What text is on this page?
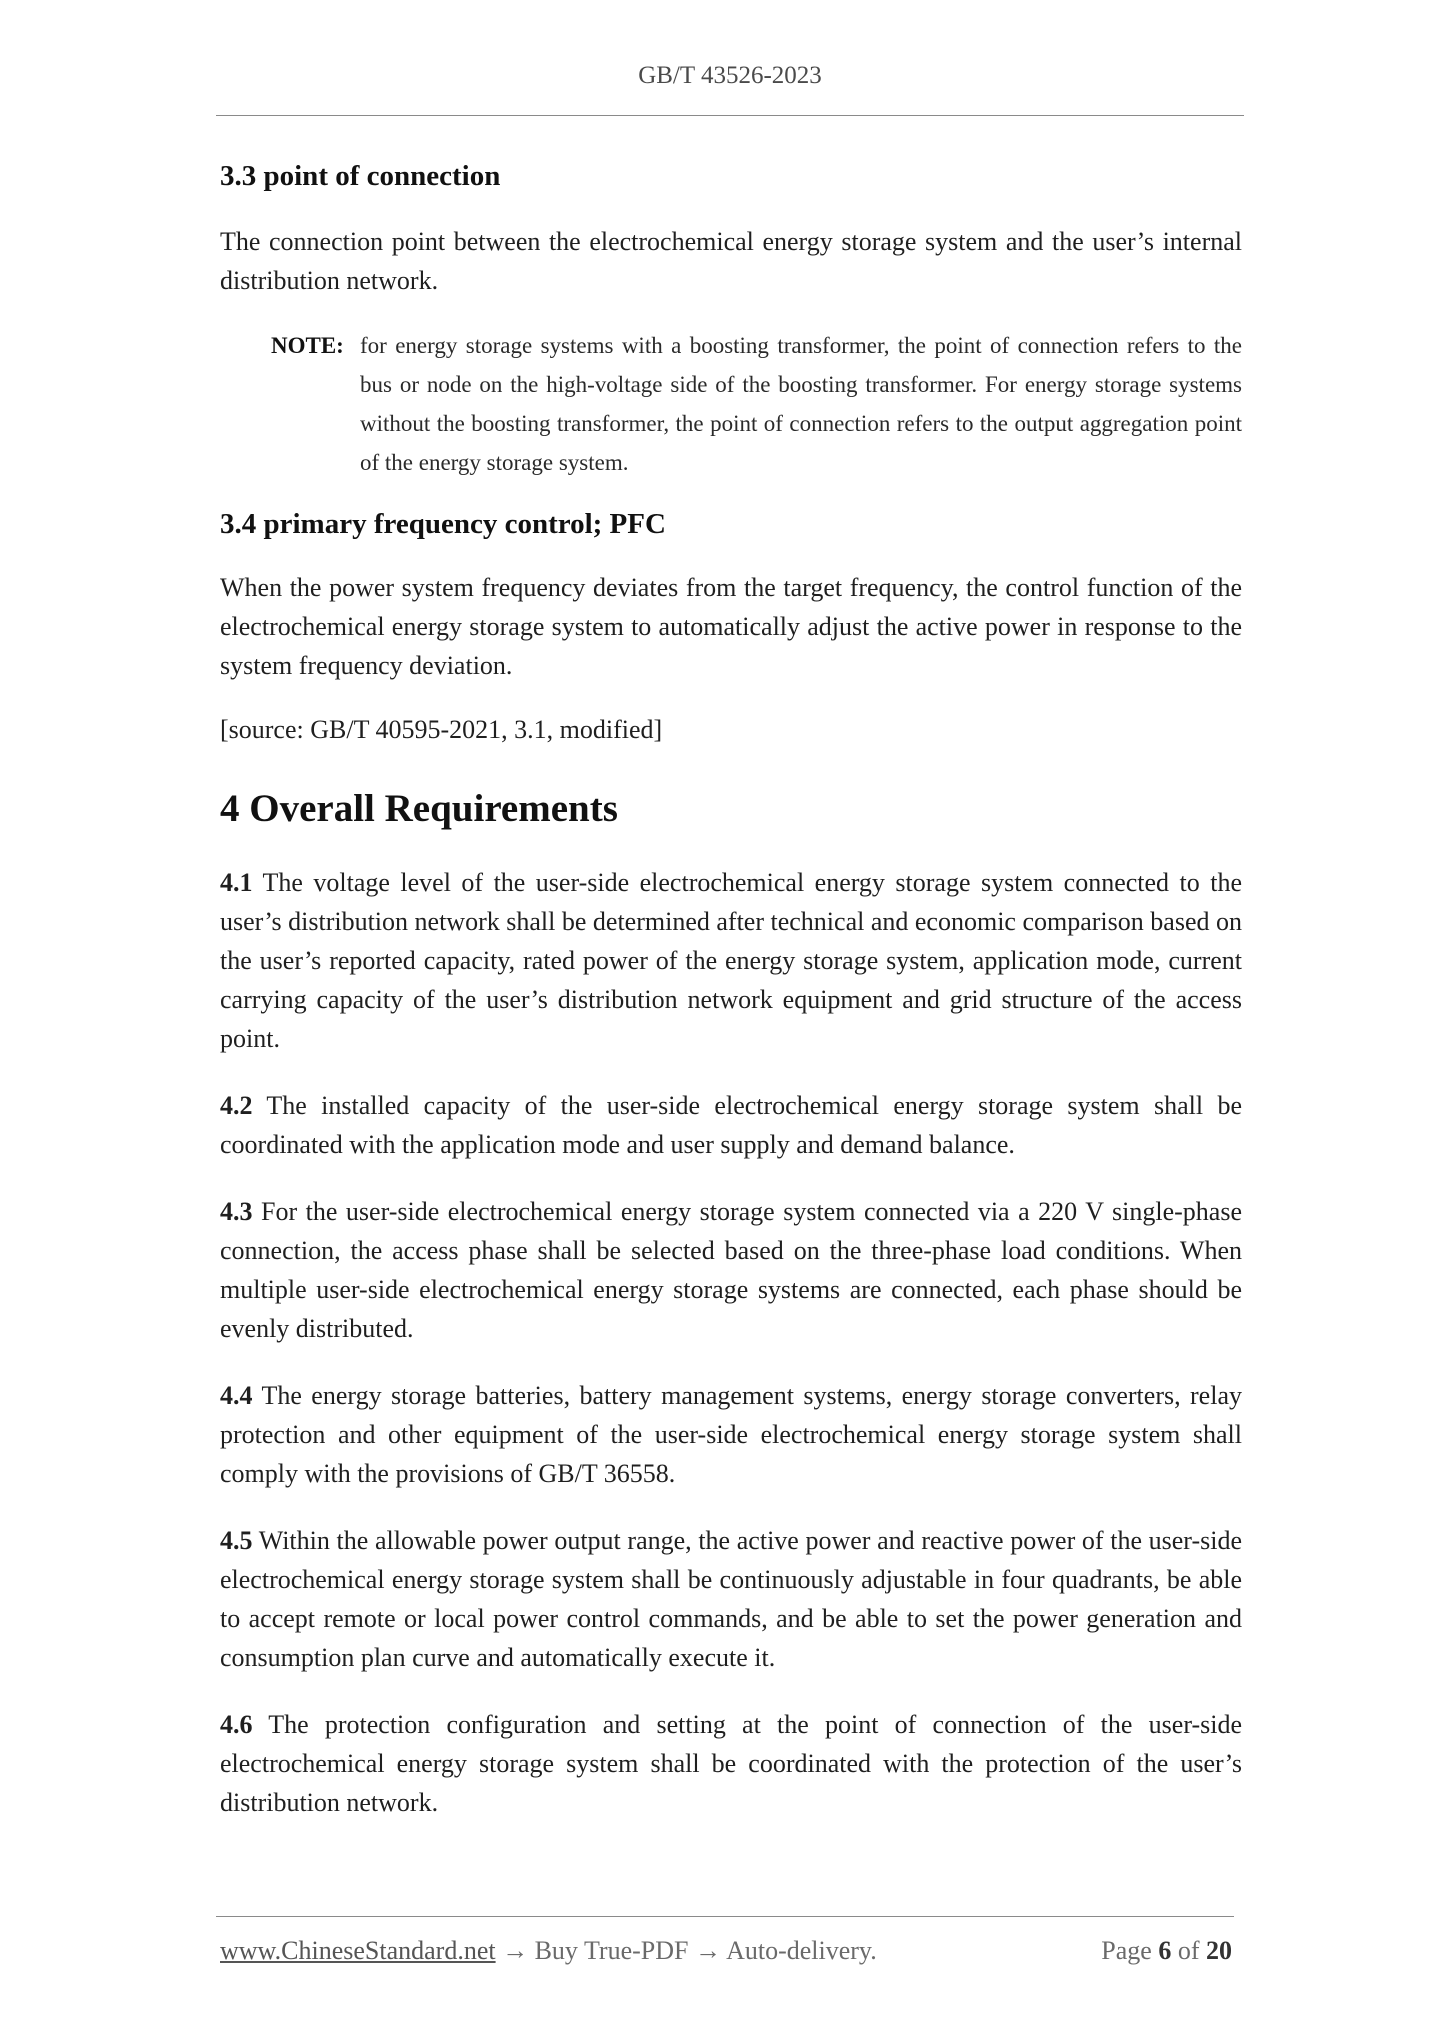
GB/T 43526-2023
3.3 point of connection

The connection point between the electrochemical energy storage system and the user’s internal distribution network.

NOTE: for energy storage systems with a boosting transformer, the point of connection refers to the bus or node on the high-voltage side of the boosting transformer. For energy storage systems without the boosting transformer, the point of connection refers to the output aggregation point of the energy storage system.
3.4 primary frequency control; PFC

When the power system frequency deviates from the target frequency, the control function of the electrochemical energy storage system to automatically adjust the active power in response to the system frequency deviation.

[source: GB/T 40595-2021, 3.1, modified]

4 Overall Requirements

4.1 The voltage level of the user-side electrochemical energy storage system connected to the user’s distribution network shall be determined after technical and economic comparison based on the user’s reported capacity, rated power of the energy storage system, application mode, current carrying capacity of the user’s distribution network equipment and grid structure of the access point.

4.2 The installed capacity of the user-side electrochemical energy storage system shall be coordinated with the application mode and user supply and demand balance.

4.3 For the user-side electrochemical energy storage system connected via a 220 V single-phase connection, the access phase shall be selected based on the three-phase load conditions. When multiple user-side electrochemical energy storage systems are connected, each phase should be evenly distributed.

4.4 The energy storage batteries, battery management systems, energy storage converters, relay protection and other equipment of the user-side electrochemical energy storage system shall comply with the provisions of GB/T 36558.

4.5 Within the allowable power output range, the active power and reactive power of the user-side electrochemical energy storage system shall be continuously adjustable in four quadrants, be able to accept remote or local power control commands, and be able to set the power generation and consumption plan curve and automatically execute it.

4.6 The protection configuration and setting at the point of connection of the user-side electrochemical energy storage system shall be coordinated with the protection of the user’s distribution network.

www.ChineseStandard.net → Buy True-PDF → Auto-delivery.	Page 6 of 20
